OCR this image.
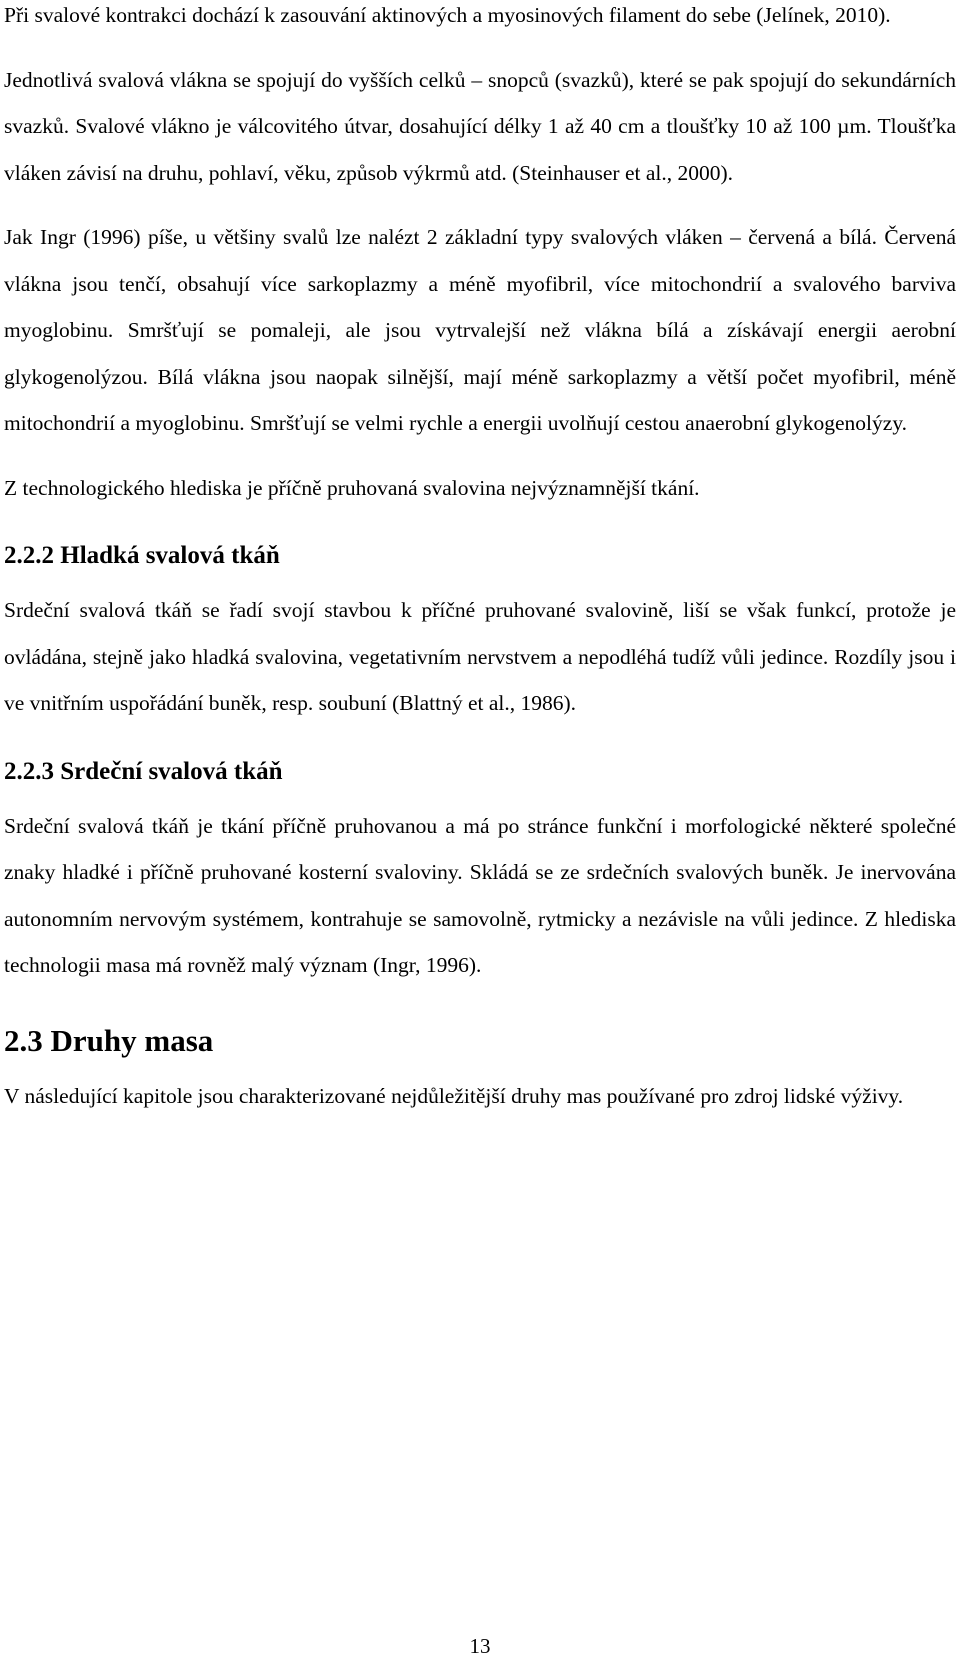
Při svalové kontrakci dochází k zasouvání aktinových a myosinových filament do sebe (Jelínek, 2010).

Jednotlivá svalová vlákna se spojují do vyšších celků – snopců (svazků), které se pak spojují do sekundárních svazků. Svalové vlákno je válcovitého útvar, dosahující délky 1 až 40 cm a tloušťky 10 až 100 µm. Tloušťka vláken závisí na druhu, pohlaví, věku, způsob výkrmů atd. (Steinhauser et al., 2000).

Jak Ingr (1996) píše, u většiny svalů lze nalézt 2 základní typy svalových vláken – červená a bílá. Červená vlákna jsou tenčí, obsahují více sarkoplazmy a méně myofibril, více mitochondrií a svalového barviva myoglobinu. Smršťují se pomaleji, ale jsou vytrvalejší než vlákna bílá a získávají energii aerobní glykogenolýzou. Bílá vlákna jsou naopak silnější, mají méně sarkoplazmy a větší počet myofibril, méně mitochondrií a myoglobinu. Smršťují se velmi rychle a energii uvolňují cestou anaerobní glykogenolýzy.

Z technologického hlediska je příčně pruhovaná svalovina nejvýznamnější tkání.

2.2.2 Hladká svalová tkáň

Srdeční svalová tkáň se řadí svojí stavbou k příčné pruhované svalovině, liší se však funkcí, protože je ovládána, stejně jako hladká svalovina, vegetativním nervstvem a nepodléhá tudíž vůli jedince. Rozdíly jsou i ve vnitřním uspořádání buněk, resp. soubuní (Blattný et al., 1986).

2.2.3 Srdeční svalová tkáň

Srdeční svalová tkáň je tkání příčně pruhovanou a má po stránce funkční i morfologické některé společné znaky hladké i příčně pruhované kosterní svaloviny. Skládá se ze srdečních svalových buněk. Je inervována autonomním nervovým systémem, kontrahuje se samovolně, rytmicky a nezávisle na vůli jedince. Z hlediska technologii masa má rovněž malý význam (Ingr, 1996).

2.3 Druhy masa

V následující kapitole jsou charakterizované nejdůležitější druhy mas používané pro zdroj lidské výživy.

13
